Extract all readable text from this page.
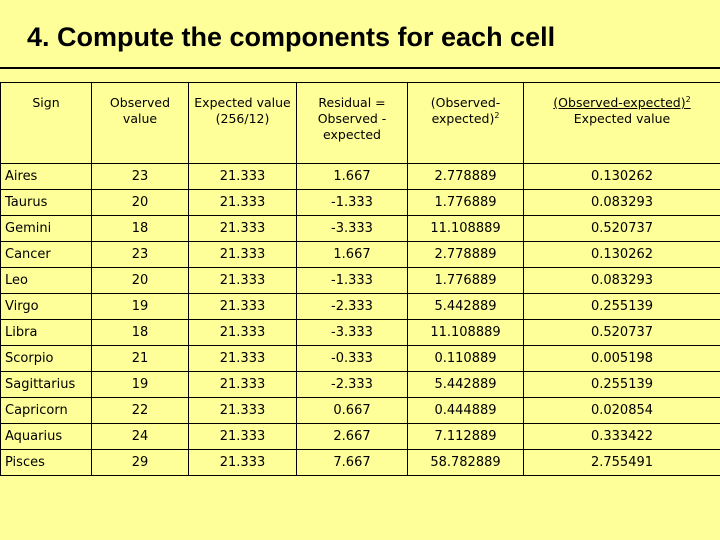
4. Compute the components for each cell
Sign	Observed value	Expected value (256/12)	Residual = Observed - expected	(Observed-expected)$^2$	(Observed-expected)$^2$
Expected value
Aires	23	21.333	1.667	2.778889	0.130262
Taurus	20	21.333	-1.333	1.776889	0.083293
Gemini	18	21.333	-3.333	11.108889	0.520737
Cancer	23	21.333	1.667	2.778889	0.130262
Leo	20	21.333	-1.333	1.776889	0.083293
Virgo	19	21.333	-2.333	5.442889	0.255139
Libra	18	21.333	-3.333	11.108889	0.520737
Scorpio	21	21.333	-0.333	0.110889	0.005198
Sagittarius	19	21.333	-2.333	5.442889	0.255139
Capricorn	22	21.333	0.667	0.444889	0.020854
Aquarius	24	21.333	2.667	7.112889	0.333422
Pisces	29	21.333	7.667	58.782889	2.755491
